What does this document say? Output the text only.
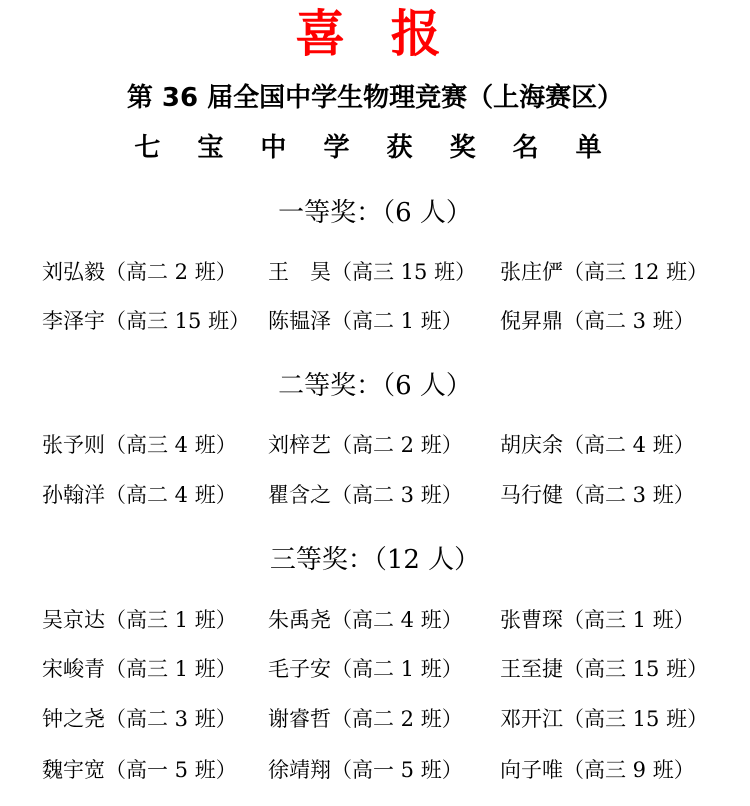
喜 报
第 36 届全国中学生物理竞赛（上海赛区）
七 宝 中 学 获 奖 名 单
一等奖：（6 人）
刘弘毅（高二 2 班） 王　昊（高三 15 班） 张庄俨（高三 12 班）
李泽宇（高三 15 班） 陈韫泽（高二 1 班） 倪昇鼎（高二 3 班）
二等奖：（6 人）
张予则（高三 4 班） 刘梓艺（高二 2 班） 胡庆余（高二 4 班）
孙翰洋（高二 4 班） 瞿含之（高二 3 班） 马行健（高二 3 班）
三等奖：（12 人）
吴京达（高三 1 班） 朱禹尧（高二 4 班） 张曹琛（高三 1 班）
宋峻青（高三 1 班） 毛子安（高二 1 班） 王至捷（高三 15 班）
钟之尧（高二 3 班） 谢睿哲（高二 2 班） 邓开江（高三 15 班）
魏宇宽（高一 5 班） 徐靖翔（高一 5 班） 向子唯（高三 9 班）
